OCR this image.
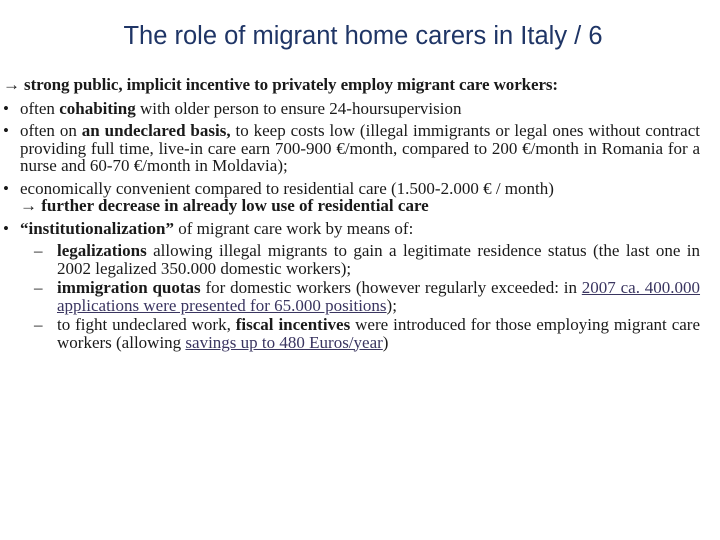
The role of migrant home carers in Italy / 6
→ strong public, implicit incentive to privately employ migrant care workers:
• often cohabiting with older person to ensure 24-hoursupervision
• often on an undeclared basis, to keep costs low (illegal immigrants or legal ones without contract providing full time, live-in care earn 700-900 €/month, compared to 200 €/month in Romania for a nurse and 60-70 €/month in Moldavia);
• economically convenient compared to residential care (1.500-2.000 € / month)
→ further decrease in already low use of residential care
• “institutionalization” of migrant care work by means of:
– legalizations allowing illegal migrants to gain a legitimate residence status (the last one in 2002 legalized 350.000 domestic workers);
– immigration quotas for domestic workers (however regularly exceeded: in 2007 ca. 400.000 applications were presented for 65.000 positions);
– to fight undeclared work, fiscal incentives were introduced for those employing migrant care workers (allowing savings up to 480 Euros/year)
